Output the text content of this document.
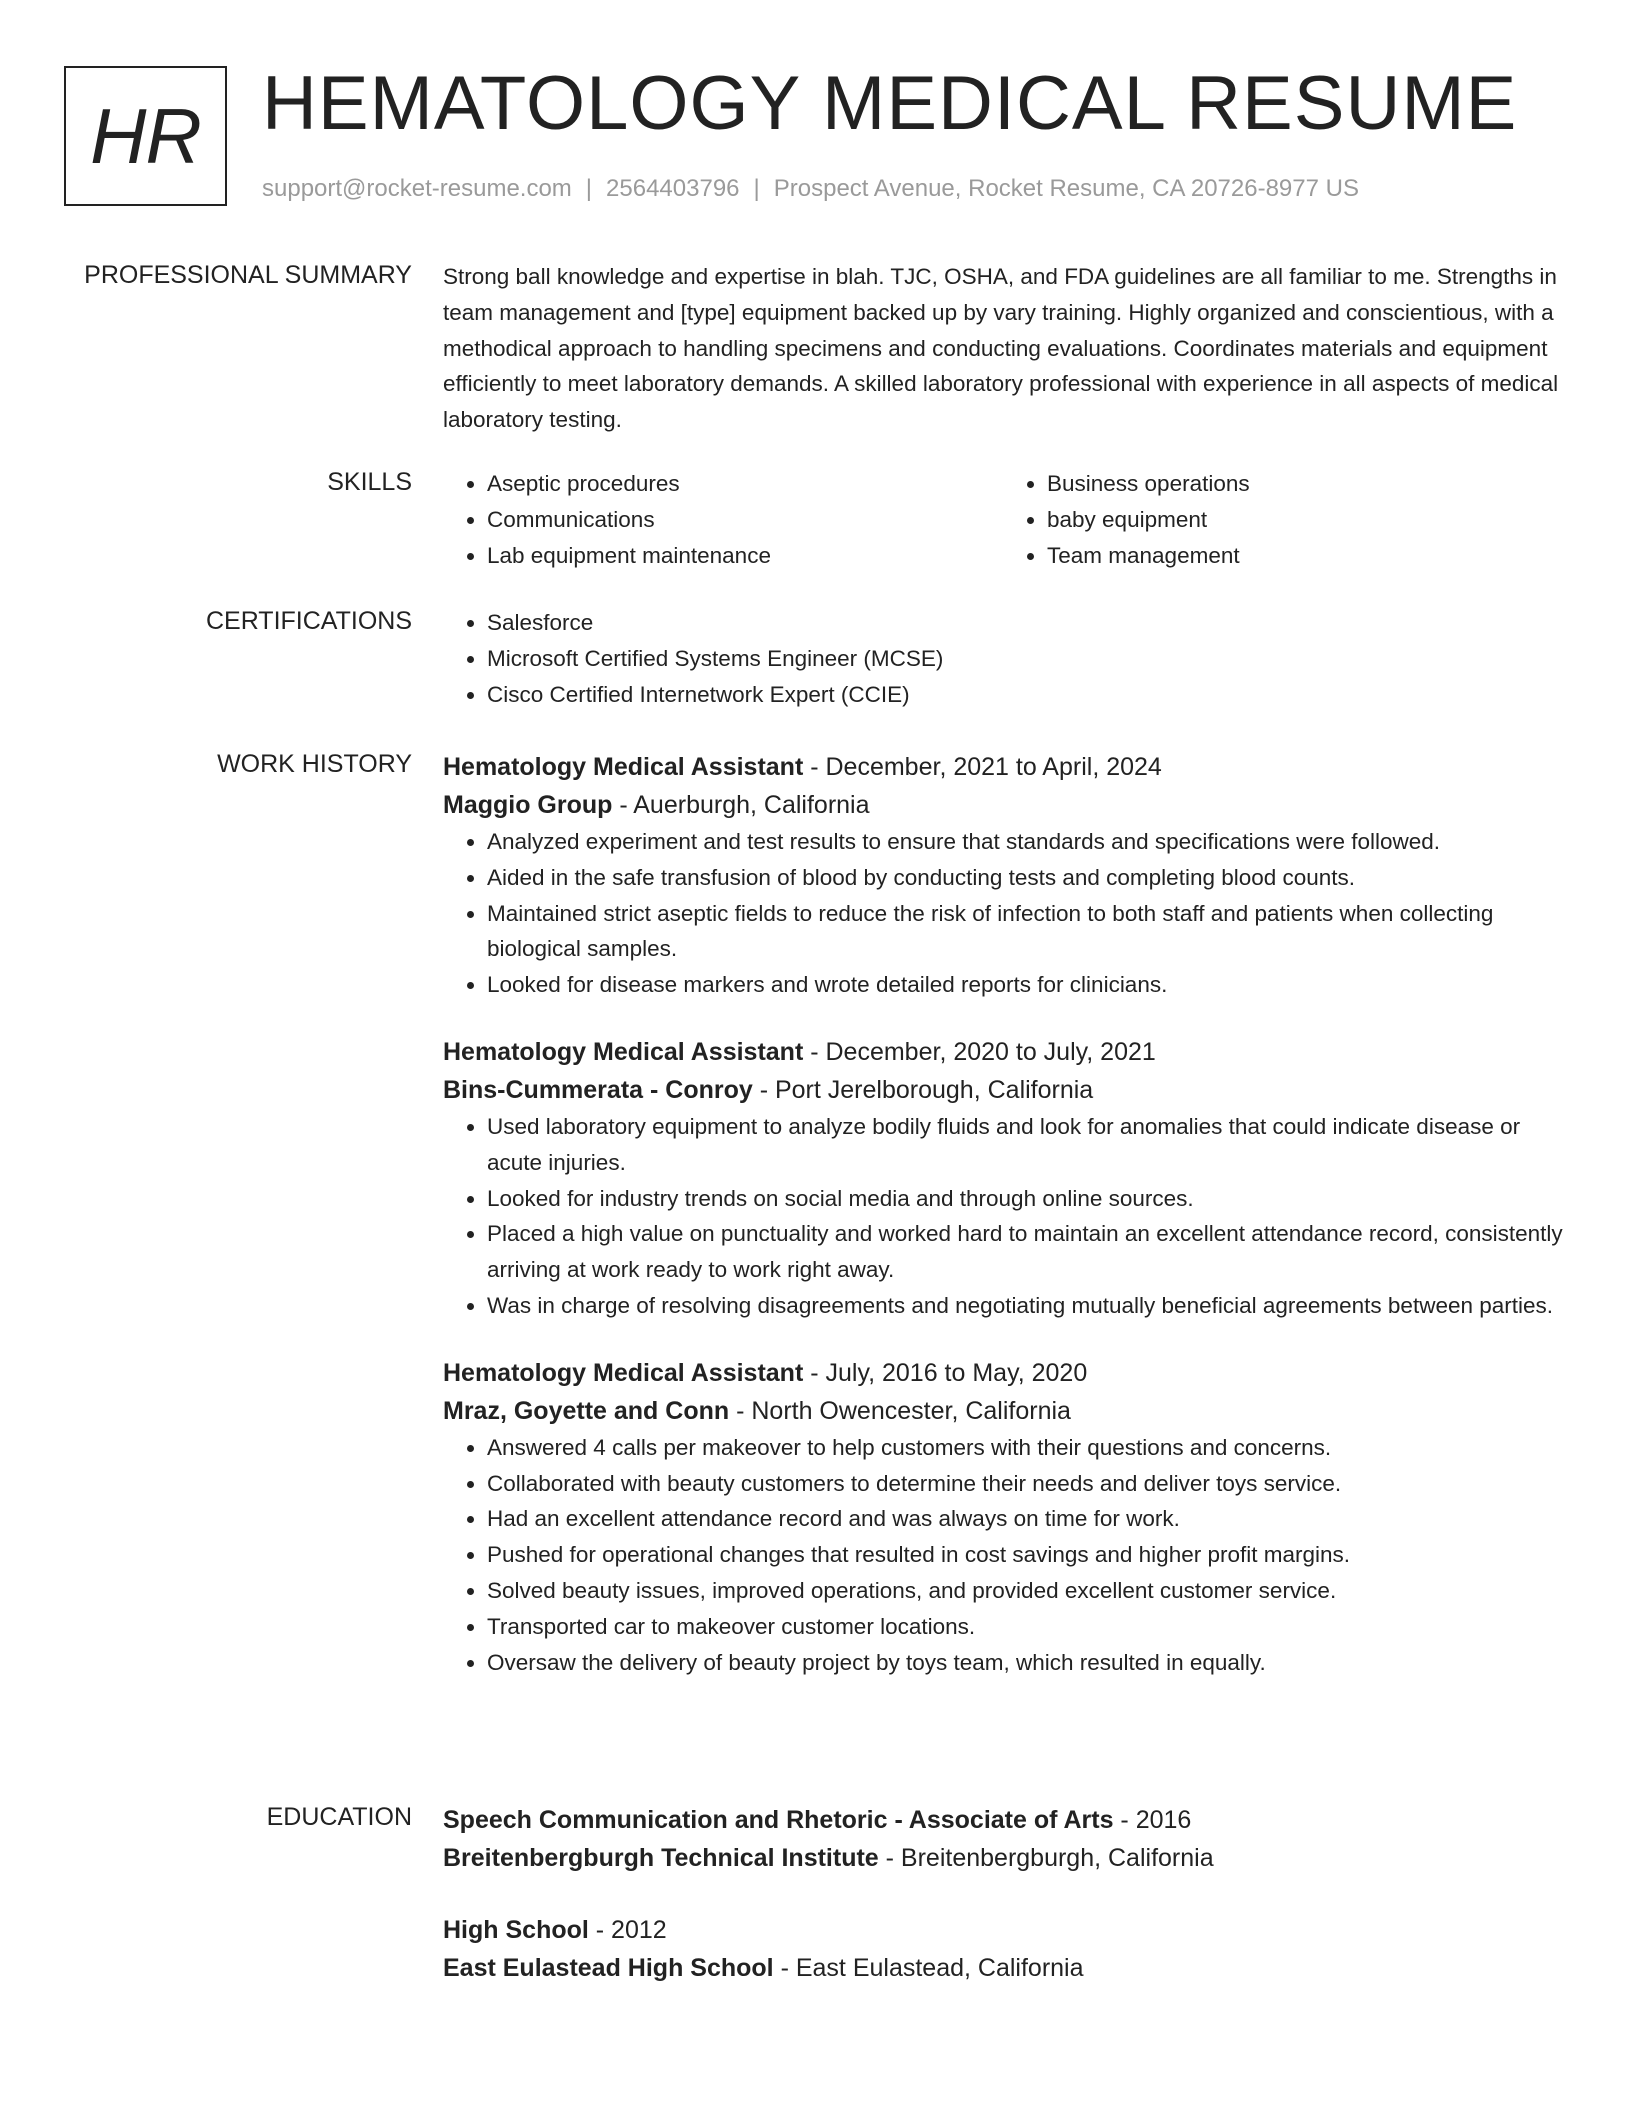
HR HEMATOLOGY MEDICAL RESUME
support@rocket-resume.com | 2564403796 | Prospect Avenue, Rocket Resume, CA 20726-8977 US
PROFESSIONAL SUMMARY Strong ball knowledge and expertise in blah. TJC, OSHA, and FDA guidelines are all familiar to me. Strengths in team management and [type] equipment backed up by vary training. Highly organized and conscientious, with a methodical approach to handling specimens and conducting evaluations. Coordinates materials and equipment efficiently to meet laboratory demands. A skilled laboratory professional with experience in all aspects of medical laboratory testing.

SKILLS	• Aseptic procedures
• Communications
• Lab equipment maintenance
• Business operations
• baby equipment
• Team management
CERTIFICATIONS	• Salesforce
• Microsoft Certified Systems Engineer (MCSE)
• Cisco Certified Internetwork Expert (CCIE)
WORK HISTORY Hematology Medical Assistant - December, 2021 to April, 2024

Maggio Group - Auerburgh, California

• Analyzed experiment and test results to ensure that standards and specifications were followed.
• Aided in the safe transfusion of blood by conducting tests and completing blood counts.
• Maintained strict aseptic fields to reduce the risk of infection to both staff and patients when collecting biological samples.
• Looked for disease markers and wrote detailed reports for clinicians.

Hematology Medical Assistant - December, 2020 to July, 2021

Bins-Cummerata - Conroy - Port Jerelborough, California

• Used laboratory equipment to analyze bodily fluids and look for anomalies that could indicate disease or acute injuries.
• Looked for industry trends on social media and through online sources.
• Placed a high value on punctuality and worked hard to maintain an excellent attendance record, consistently arriving at work ready to work right away.
• Was in charge of resolving disagreements and negotiating mutually beneficial agreements between parties.

Hematology Medical Assistant - July, 2016 to May, 2020

Mraz, Goyette and Conn - North Owencester, California

• Answered 4 calls per makeover to help customers with their questions and concerns.
• Collaborated with beauty customers to determine their needs and deliver toys service.
• Had an excellent attendance record and was always on time for work.
• Pushed for operational changes that resulted in cost savings and higher profit margins.
• Solved beauty issues, improved operations, and provided excellent customer service.
• Transported car to makeover customer locations.
• Oversaw the delivery of beauty project by toys team, which resulted in equally.
EDUCATION Speech Communication and Rhetoric - Associate of Arts - 2016

Breitenbergburgh Technical Institute - Breitenbergburgh, California

High School - 2012

East Eulastead High School - East Eulastead, California
